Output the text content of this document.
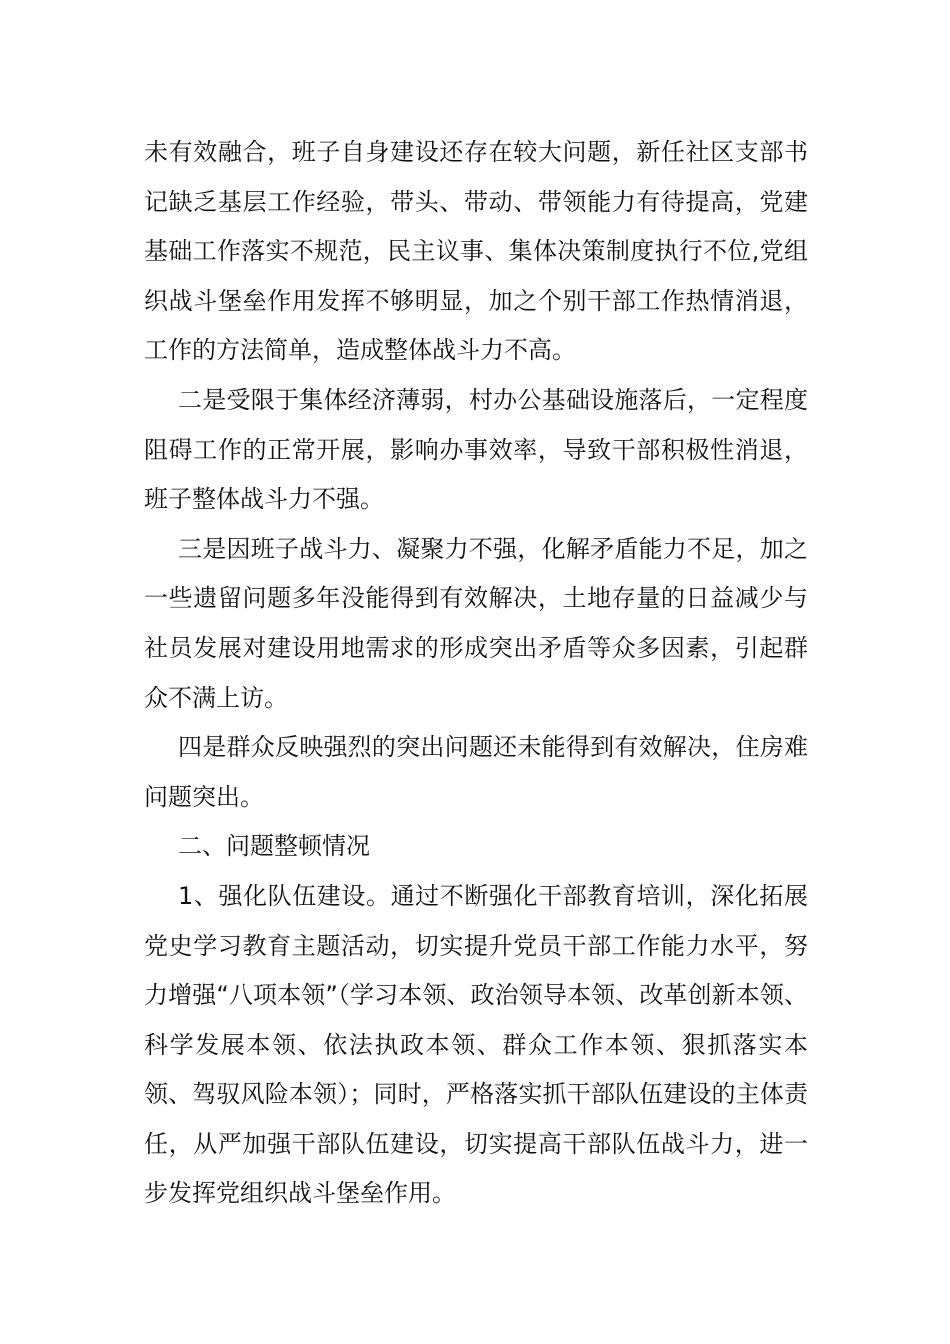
未有效融合，班子自身建设还存在较大问题，新任社区支部书记缺乏基层工作经验，带头、带动、带领能力有待提高，党建基础工作落实不规范，民主议事、集体决策制度执行不位,党组织战斗堡垒作用发挥不够明显，加之个别干部工作热情消退，工作的方法简单，造成整体战斗力不高。

二是受限于集体经济薄弱，村办公基础设施落后，一定程度阻碍工作的正常开展，影响办事效率，导致干部积极性消退，班子整体战斗力不强。

三是因班子战斗力、凝聚力不强，化解矛盾能力不足，加之一些遗留问题多年没能得到有效解决，土地存量的日益减少与社员发展对建设用地需求的形成突出矛盾等众多因素，引起群众不满上访。

四是群众反映强烈的突出问题还未能得到有效解决，住房难问题突出。

二、问题整顿情况

1、强化队伍建设。通过不断强化干部教育培训，深化拓展党史学习教育主题活动，切实提升党员干部工作能力水平，努力增强“八项本领”（学习本领、政治领导本领、改革创新本领、科学发展本领、依法执政本领、群众工作本领、狠抓落实本领、驾驭风险本领）；同时，严格落实抓干部队伍建设的主体责任，从严加强干部队伍建设，切实提高干部队伍战斗力，进一步发挥党组织战斗堡垒作用。
